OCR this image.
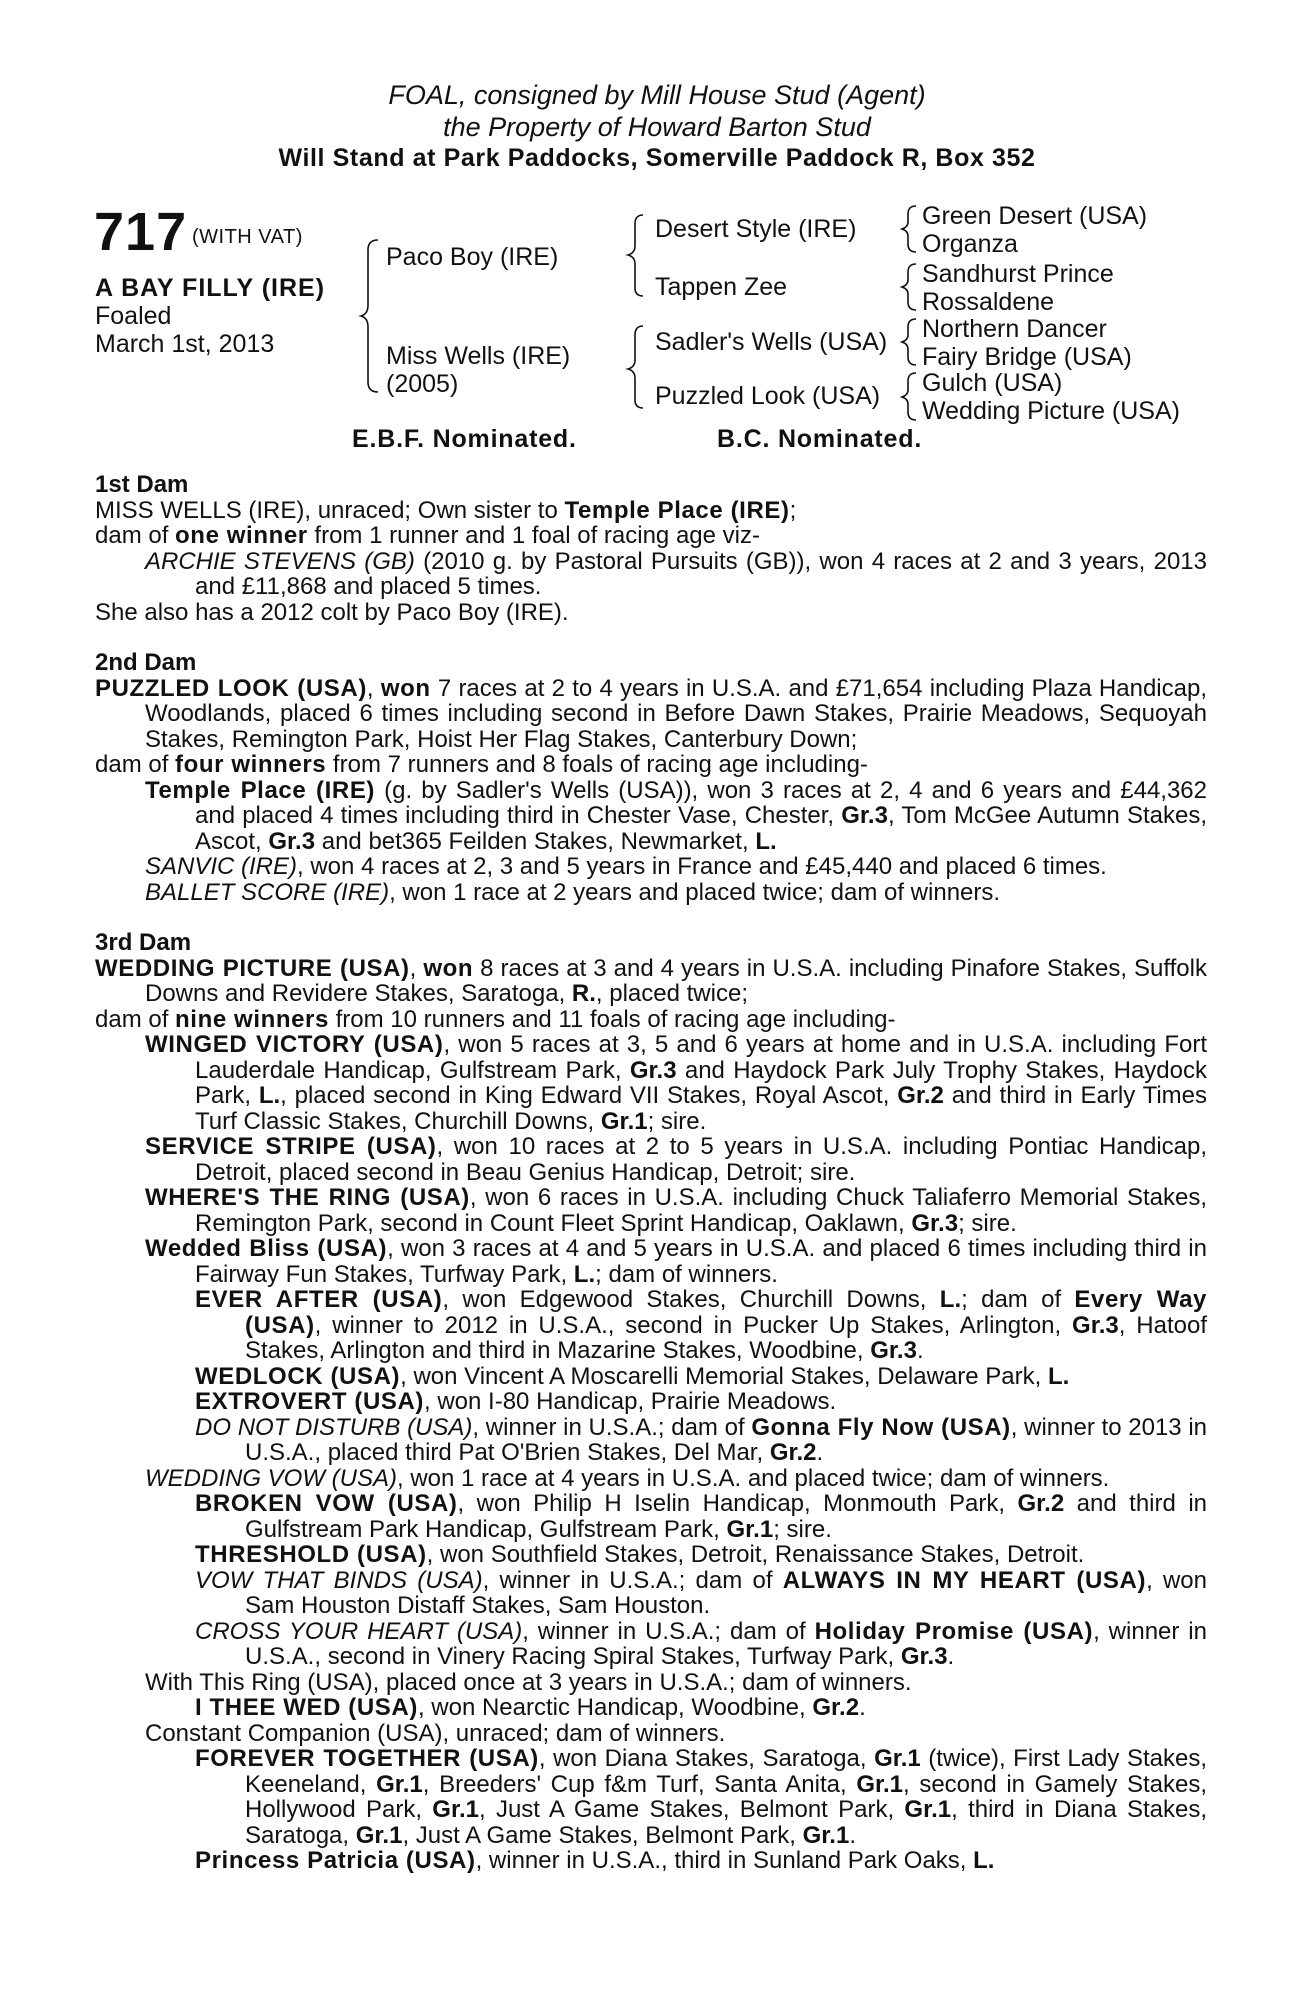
FOAL, consigned by Mill House Stud (Agent)
the Property of Howard Barton Stud
Will Stand at Park Paddocks, Somerville Paddock R, Box 352
717 (WITH VAT)
A BAY FILLY (IRE)
Foaled
March 1st, 2013
Paco Boy (IRE)
Miss Wells (IRE)
(2005)
Desert Style (IRE)
Tappen Zee
Sadler's Wells (USA)
Puzzled Look (USA)
Green Desert (USA)
Organza
Sandhurst Prince
Rossaldene
Northern Dancer
Fairy Bridge (USA)
Gulch (USA)
Wedding Picture (USA)
E.B.F. Nominated.	B.C. Nominated.
1st Dam
MISS WELLS (IRE), unraced; Own sister to Temple Place (IRE);
dam of one winner from 1 runner and 1 foal of racing age viz-
ARCHIE STEVENS (GB) (2010 g. by Pastoral Pursuits (GB)), won 4 races at 2 and 3 years, 2013 and £11,868 and placed 5 times.
She also has a 2012 colt by Paco Boy (IRE).
2nd Dam
PUZZLED LOOK (USA), won 7 races at 2 to 4 years in U.S.A. and £71,654 including Plaza Handicap, Woodlands, placed 6 times including second in Before Dawn Stakes, Prairie Meadows, Sequoyah Stakes, Remington Park, Hoist Her Flag Stakes, Canterbury Down;
dam of four winners from 7 runners and 8 foals of racing age including-
Temple Place (IRE) (g. by Sadler's Wells (USA)), won 3 races at 2, 4 and 6 years and £44,362 and placed 4 times including third in Chester Vase, Chester, Gr.3, Tom McGee Autumn Stakes, Ascot, Gr.3 and bet365 Feilden Stakes, Newmarket, L.
SANVIC (IRE), won 4 races at 2, 3 and 5 years in France and £45,440 and placed 6 times.
BALLET SCORE (IRE), won 1 race at 2 years and placed twice; dam of winners.
3rd Dam
WEDDING PICTURE (USA), won 8 races at 3 and 4 years in U.S.A. including Pinafore Stakes, Suffolk Downs and Revidere Stakes, Saratoga, R., placed twice;
dam of nine winners from 10 runners and 11 foals of racing age including-
WINGED VICTORY (USA), won 5 races at 3, 5 and 6 years at home and in U.S.A. including Fort Lauderdale Handicap, Gulfstream Park, Gr.3 and Haydock Park July Trophy Stakes, Haydock Park, L., placed second in King Edward VII Stakes, Royal Ascot, Gr.2 and third in Early Times Turf Classic Stakes, Churchill Downs, Gr.1; sire.
SERVICE STRIPE (USA), won 10 races at 2 to 5 years in U.S.A. including Pontiac Handicap, Detroit, placed second in Beau Genius Handicap, Detroit; sire.
WHERE'S THE RING (USA), won 6 races in U.S.A. including Chuck Taliaferro Memorial Stakes, Remington Park, second in Count Fleet Sprint Handicap, Oaklawn, Gr.3; sire.
Wedded Bliss (USA), won 3 races at 4 and 5 years in U.S.A. and placed 6 times including third in Fairway Fun Stakes, Turfway Park, L.; dam of winners.
EVER AFTER (USA), won Edgewood Stakes, Churchill Downs, L.; dam of Every Way (USA), winner to 2012 in U.S.A., second in Pucker Up Stakes, Arlington, Gr.3, Hatoof Stakes, Arlington and third in Mazarine Stakes, Woodbine, Gr.3.
WEDLOCK (USA), won Vincent A Moscarelli Memorial Stakes, Delaware Park, L.
EXTROVERT (USA), won I-80 Handicap, Prairie Meadows.
DO NOT DISTURB (USA), winner in U.S.A.; dam of Gonna Fly Now (USA), winner to 2013 in U.S.A., placed third Pat O'Brien Stakes, Del Mar, Gr.2.
WEDDING VOW (USA), won 1 race at 4 years in U.S.A. and placed twice; dam of winners.
BROKEN VOW (USA), won Philip H Iselin Handicap, Monmouth Park, Gr.2 and third in Gulfstream Park Handicap, Gulfstream Park, Gr.1; sire.
THRESHOLD (USA), won Southfield Stakes, Detroit, Renaissance Stakes, Detroit.
VOW THAT BINDS (USA), winner in U.S.A.; dam of ALWAYS IN MY HEART (USA), won Sam Houston Distaff Stakes, Sam Houston.
CROSS YOUR HEART (USA), winner in U.S.A.; dam of Holiday Promise (USA), winner in U.S.A., second in Vinery Racing Spiral Stakes, Turfway Park, Gr.3.
With This Ring (USA), placed once at 3 years in U.S.A.; dam of winners.
I THEE WED (USA), won Nearctic Handicap, Woodbine, Gr.2.
Constant Companion (USA), unraced; dam of winners.
FOREVER TOGETHER (USA), won Diana Stakes, Saratoga, Gr.1 (twice), First Lady Stakes, Keeneland, Gr.1, Breeders' Cup f&m Turf, Santa Anita, Gr.1, second in Gamely Stakes, Hollywood Park, Gr.1, Just A Game Stakes, Belmont Park, Gr.1, third in Diana Stakes, Saratoga, Gr.1, Just A Game Stakes, Belmont Park, Gr.1.
Princess Patricia (USA), winner in U.S.A., third in Sunland Park Oaks, L.
